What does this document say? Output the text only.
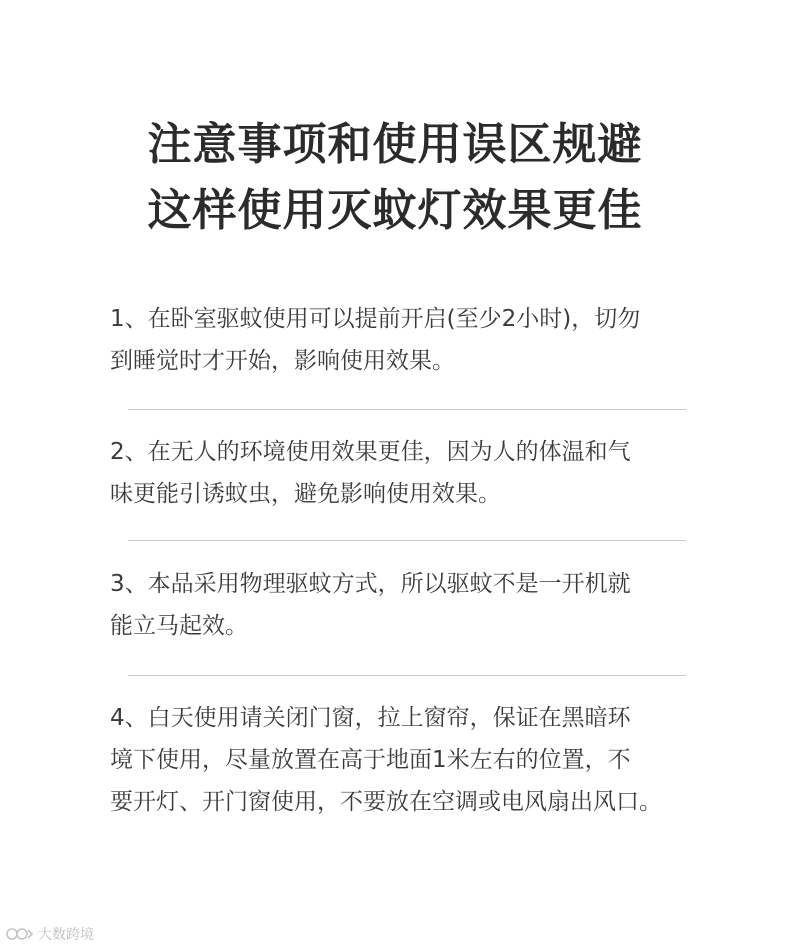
注意事项和使用误区规避
这样使用灭蚊灯效果更佳
1、在卧室驱蚊使用可以提前开启(至少2小时)，切勿
到睡觉时才开始，影响使用效果。
2、在无人的环境使用效果更佳，因为人的体温和气
味更能引诱蚊虫，避免影响使用效果。
3、本品采用物理驱蚊方式，所以驱蚊不是一开机就
能立马起效。
4、白天使用请关闭门窗，拉上窗帘，保证在黑暗环
境下使用，尽量放置在高于地面1米左右的位置，不
要开灯、开门窗使用，不要放在空调或电风扇出风口。
大数跨境
